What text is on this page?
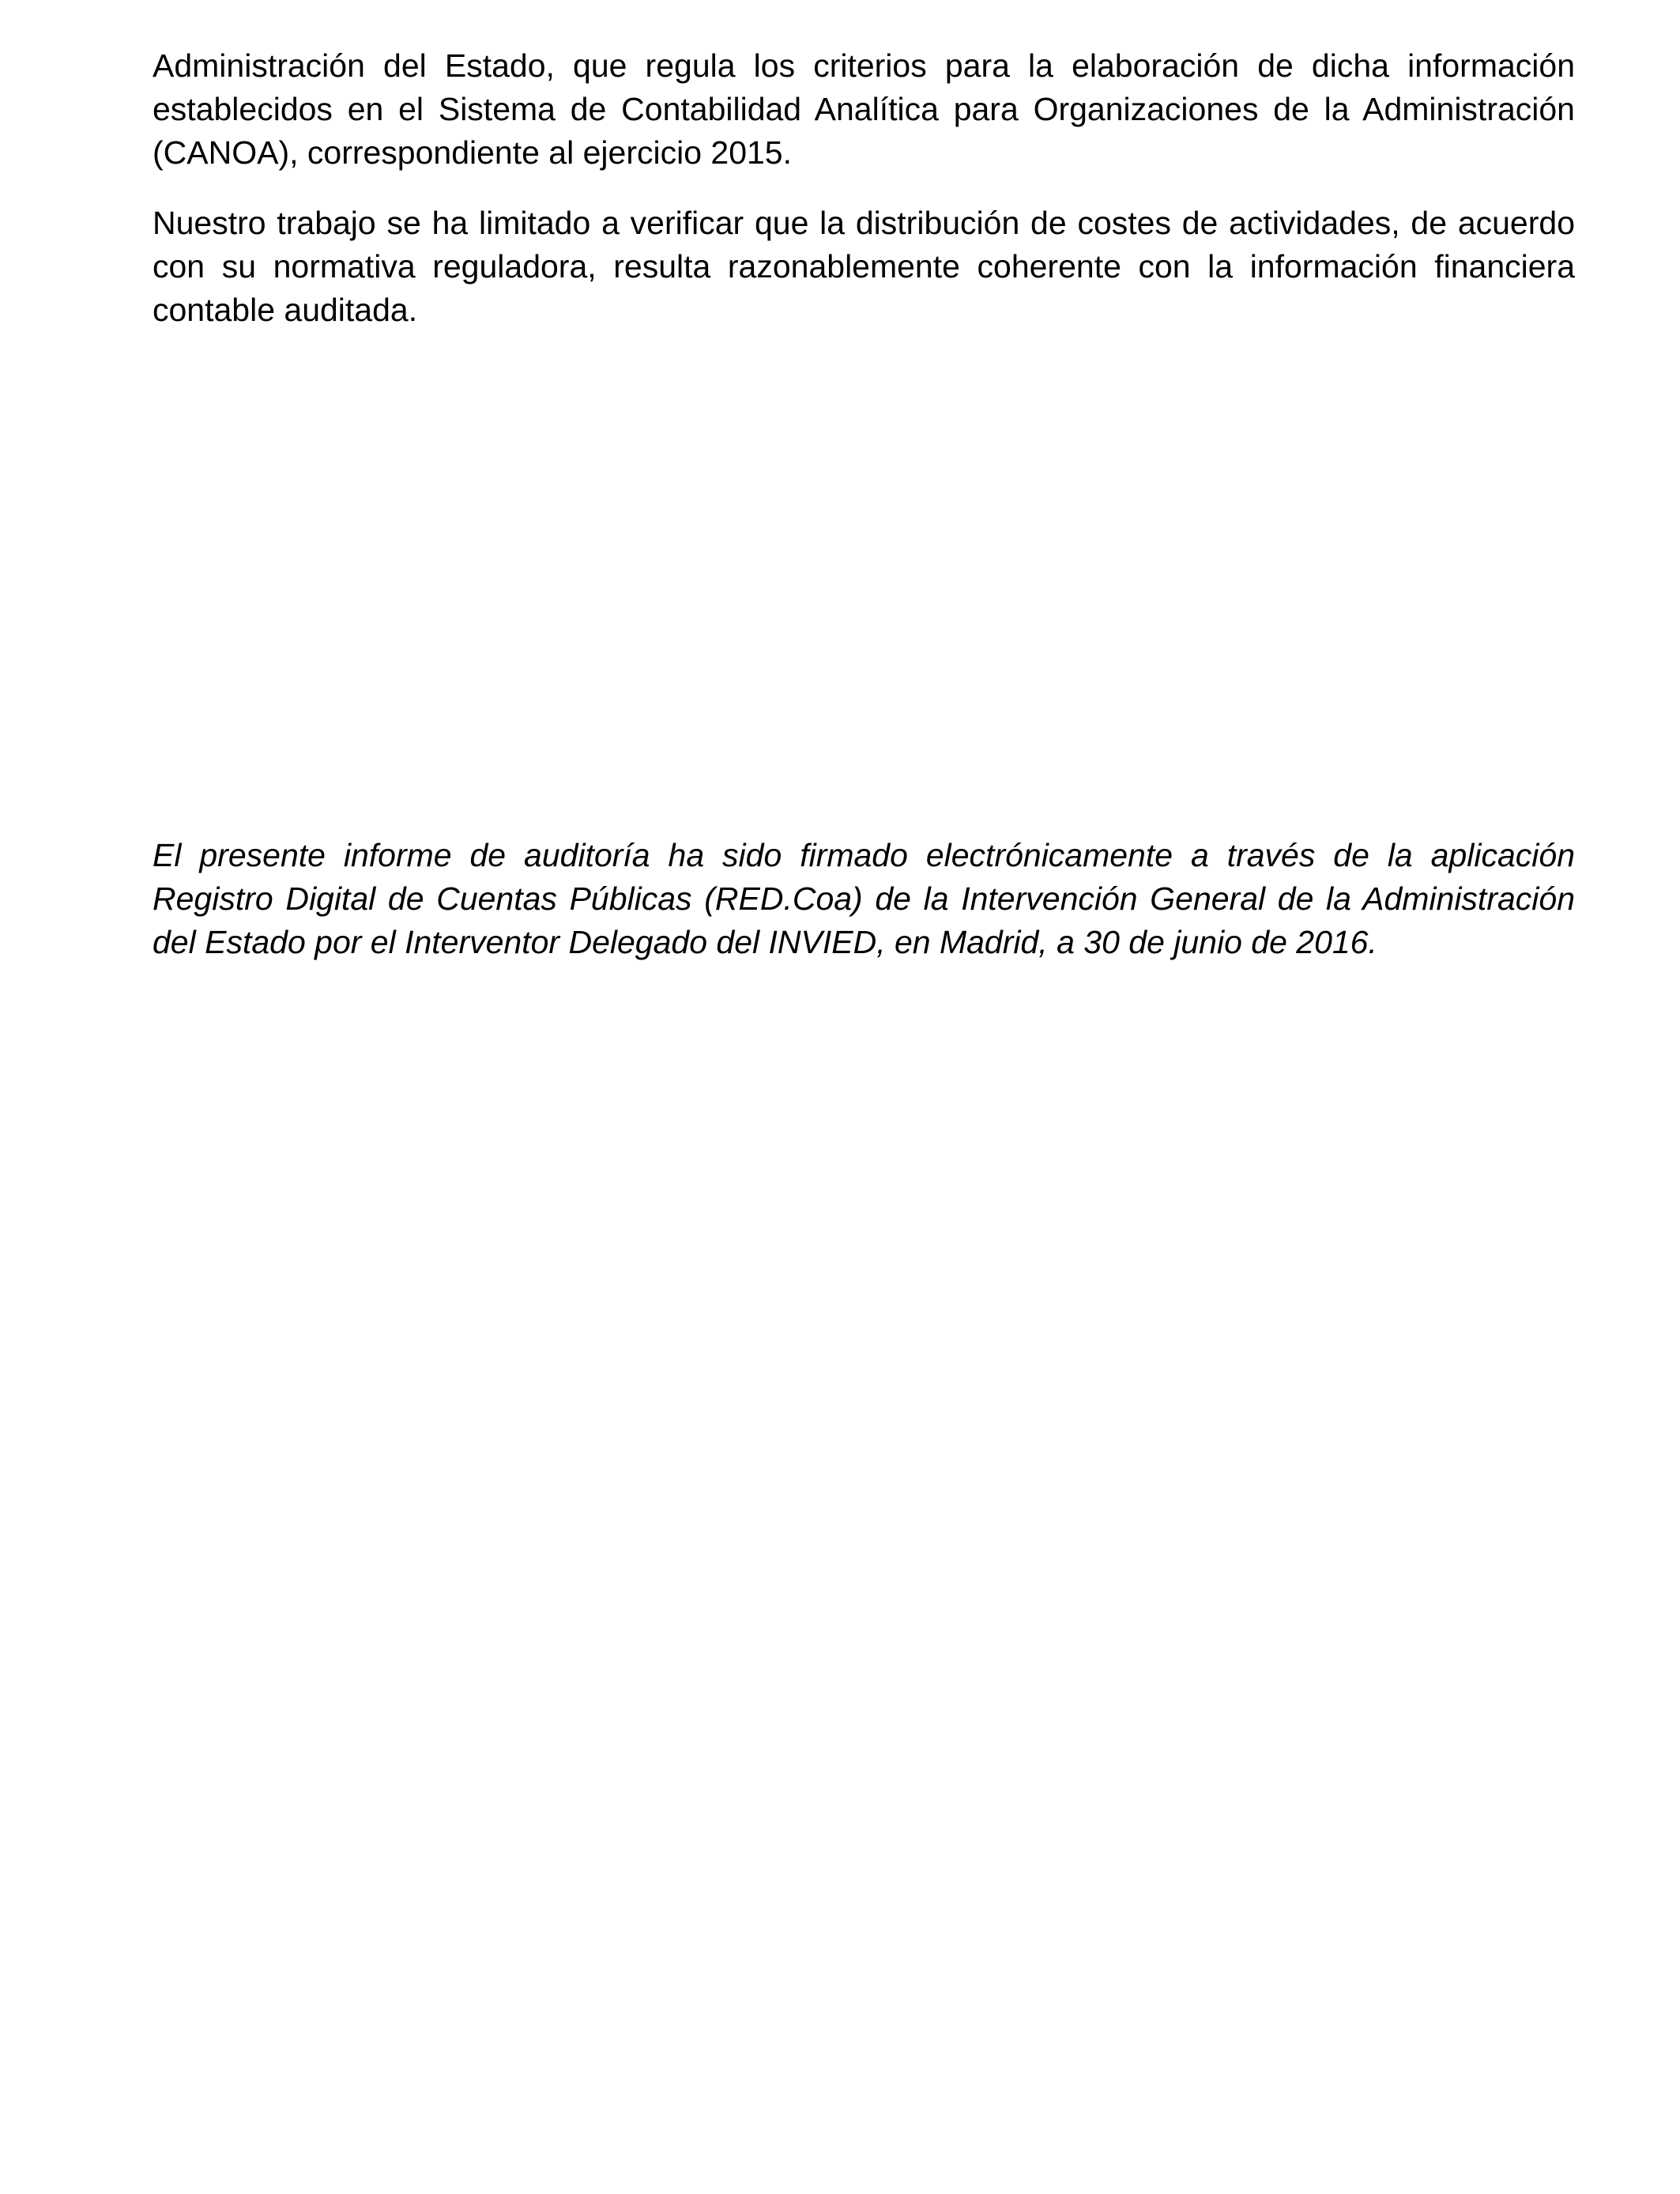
Administración del Estado, que regula los criterios para la elaboración de dicha información establecidos en el Sistema de Contabilidad Analítica para Organizaciones de la Administración (CANOA), correspondiente al ejercicio 2015.

Nuestro trabajo se ha limitado a verificar que la distribución de costes de actividades, de acuerdo con su normativa reguladora, resulta razonablemente coherente con la información financiera contable auditada.

El presente informe de auditoría ha sido firmado electrónicamente a través de la aplicación Registro Digital de Cuentas Públicas (RED.Coa) de la Intervención General de la Administración del Estado por el Interventor Delegado del INVIED, en Madrid, a 30 de junio de 2016.
